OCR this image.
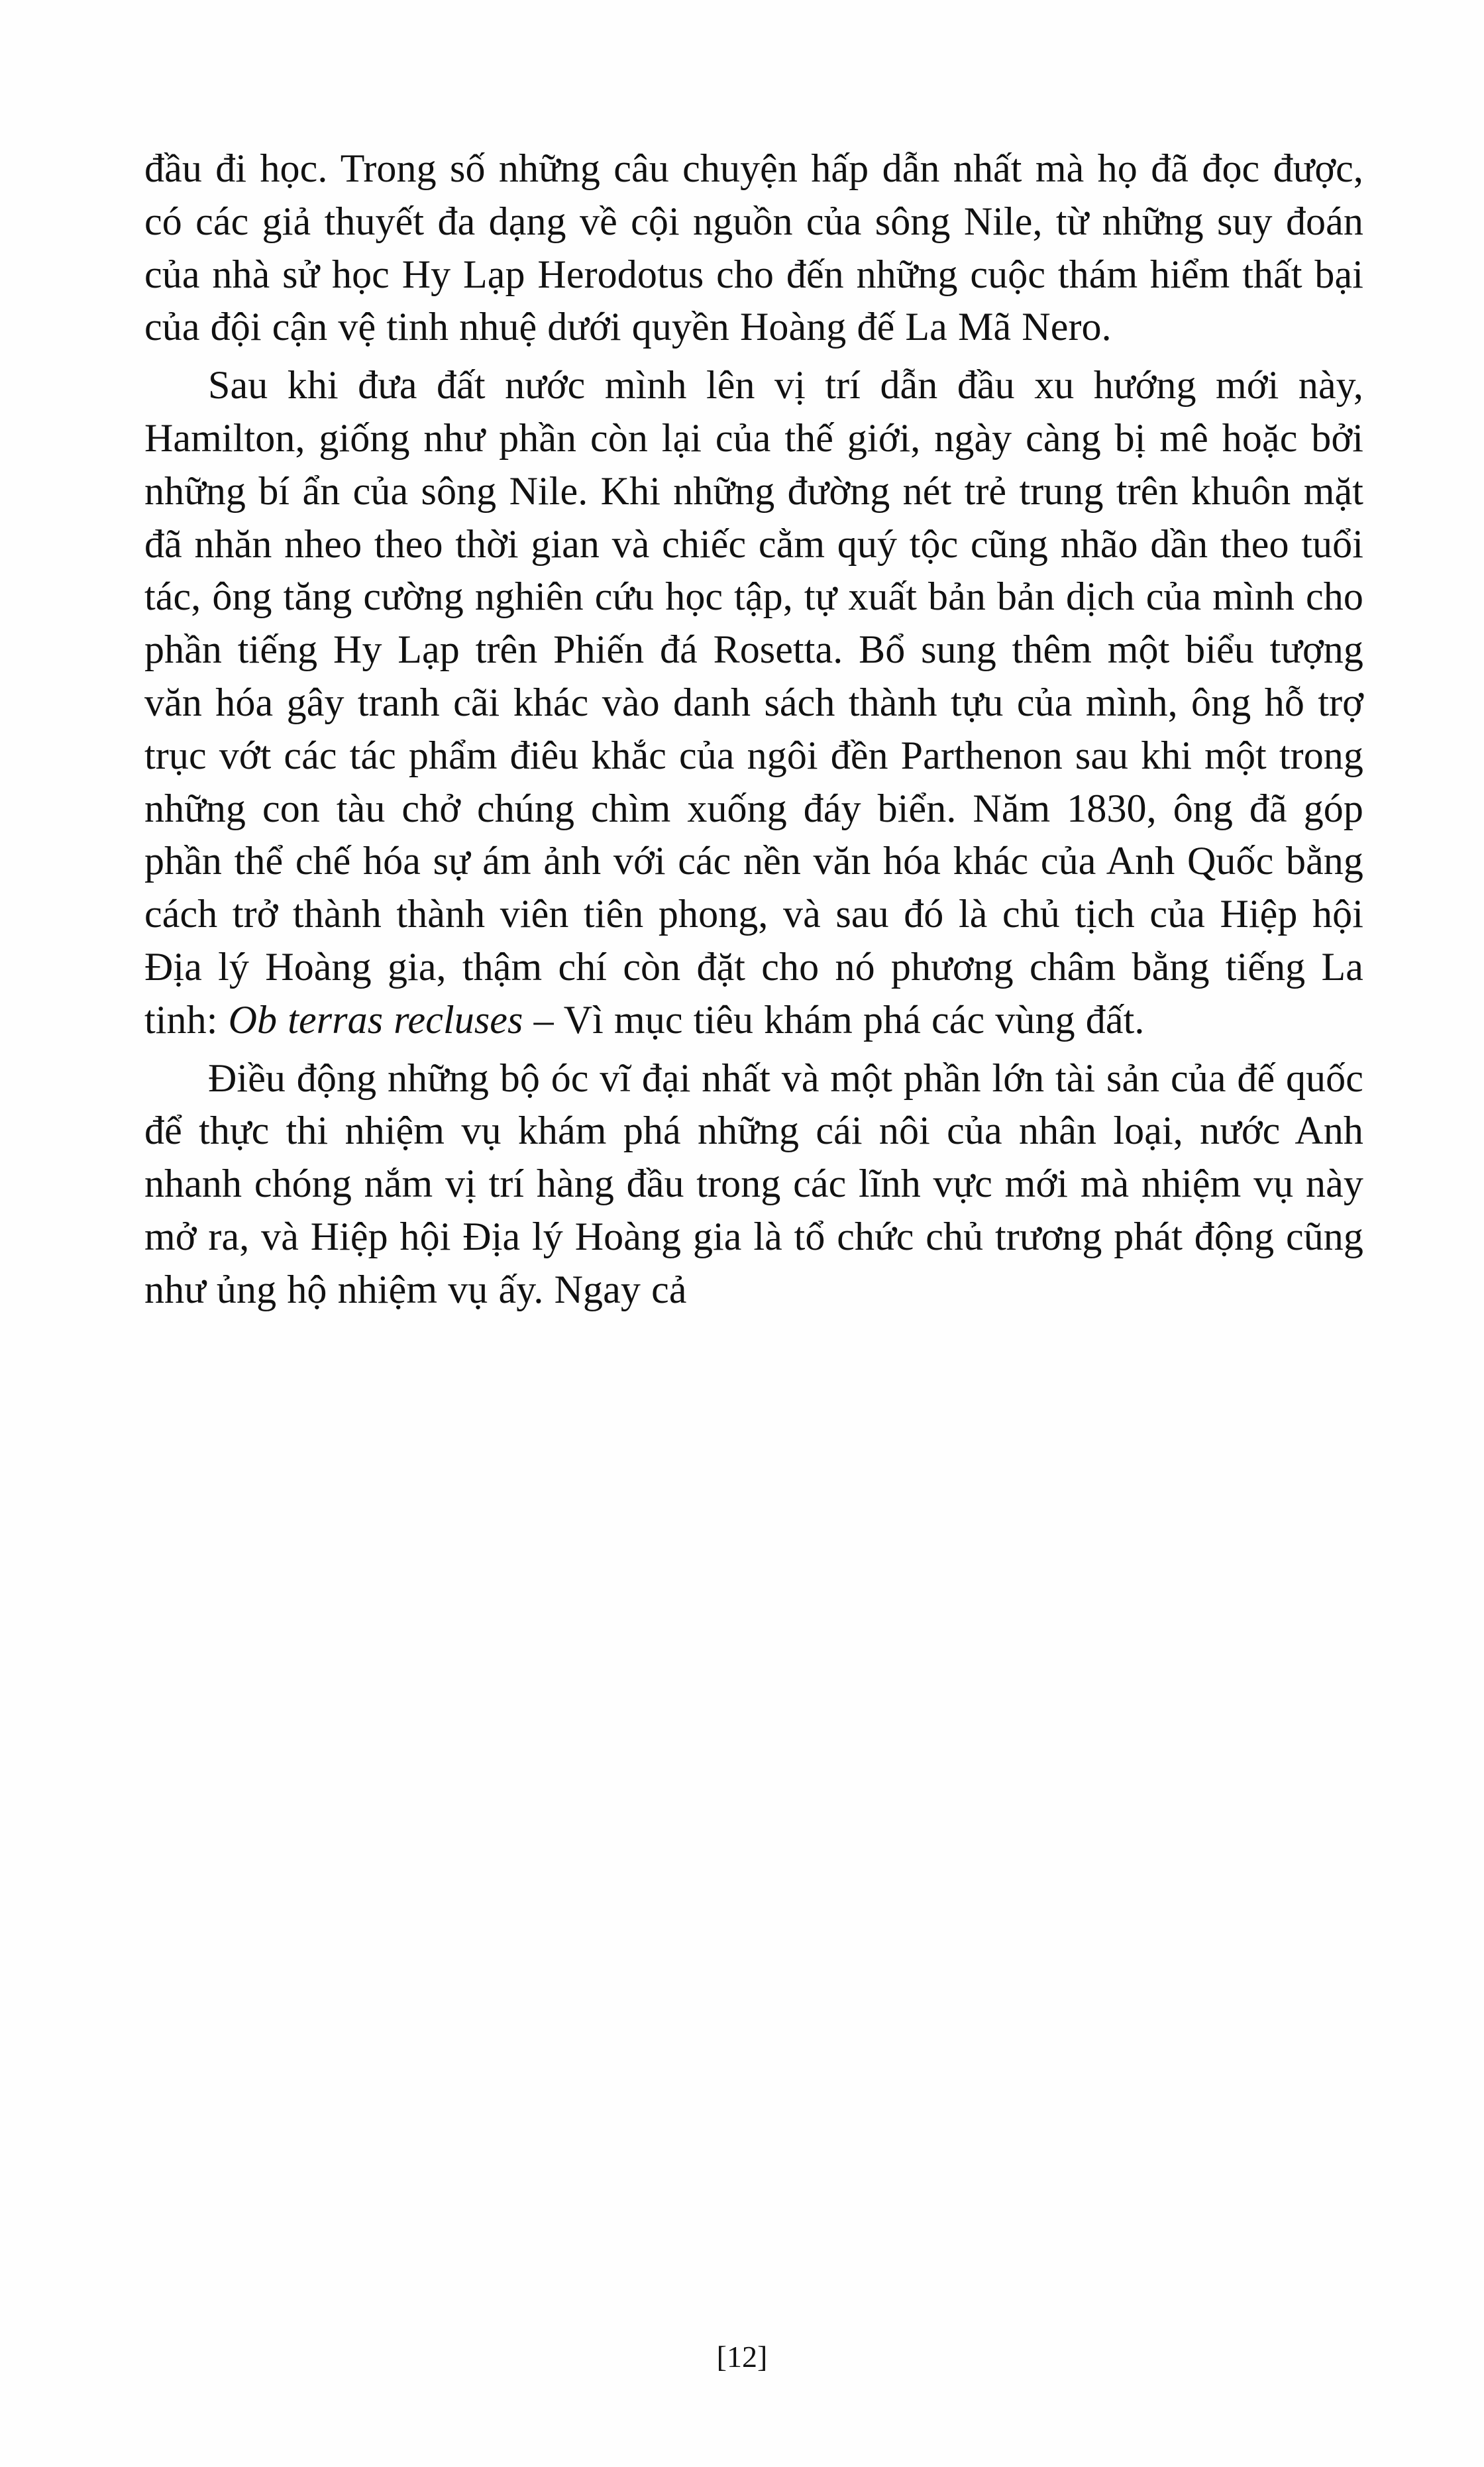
đầu đi học. Trong số những câu chuyện hấp dẫn nhất mà họ đã đọc được, có các giả thuyết đa dạng về cội nguồn của sông Nile, từ những suy đoán của nhà sử học Hy Lạp Herodotus cho đến những cuộc thám hiểm thất bại của đội cận vệ tinh nhuệ dưới quyền Hoàng đế La Mã Nero.

Sau khi đưa đất nước mình lên vị trí dẫn đầu xu hướng mới này, Hamilton, giống như phần còn lại của thế giới, ngày càng bị mê hoặc bởi những bí ẩn của sông Nile. Khi những đường nét trẻ trung trên khuôn mặt đã nhăn nheo theo thời gian và chiếc cằm quý tộc cũng nhão dần theo tuổi tác, ông tăng cường nghiên cứu học tập, tự xuất bản bản dịch của mình cho phần tiếng Hy Lạp trên Phiến đá Rosetta. Bổ sung thêm một biểu tượng văn hóa gây tranh cãi khác vào danh sách thành tựu của mình, ông hỗ trợ trục vớt các tác phẩm điêu khắc của ngôi đền Parthenon sau khi một trong những con tàu chở chúng chìm xuống đáy biển. Năm 1830, ông đã góp phần thể chế hóa sự ám ảnh với các nền văn hóa khác của Anh Quốc bằng cách trở thành thành viên tiên phong, và sau đó là chủ tịch của Hiệp hội Địa lý Hoàng gia, thậm chí còn đặt cho nó phương châm bằng tiếng La tinh: Ob terras recluses – Vì mục tiêu khám phá các vùng đất.

Điều động những bộ óc vĩ đại nhất và một phần lớn tài sản của đế quốc để thực thi nhiệm vụ khám phá những cái nôi của nhân loại, nước Anh nhanh chóng nắm vị trí hàng đầu trong các lĩnh vực mới mà nhiệm vụ này mở ra, và Hiệp hội Địa lý Hoàng gia là tổ chức chủ trương phát động cũng như ủng hộ nhiệm vụ ấy. Ngay cả

[12]
